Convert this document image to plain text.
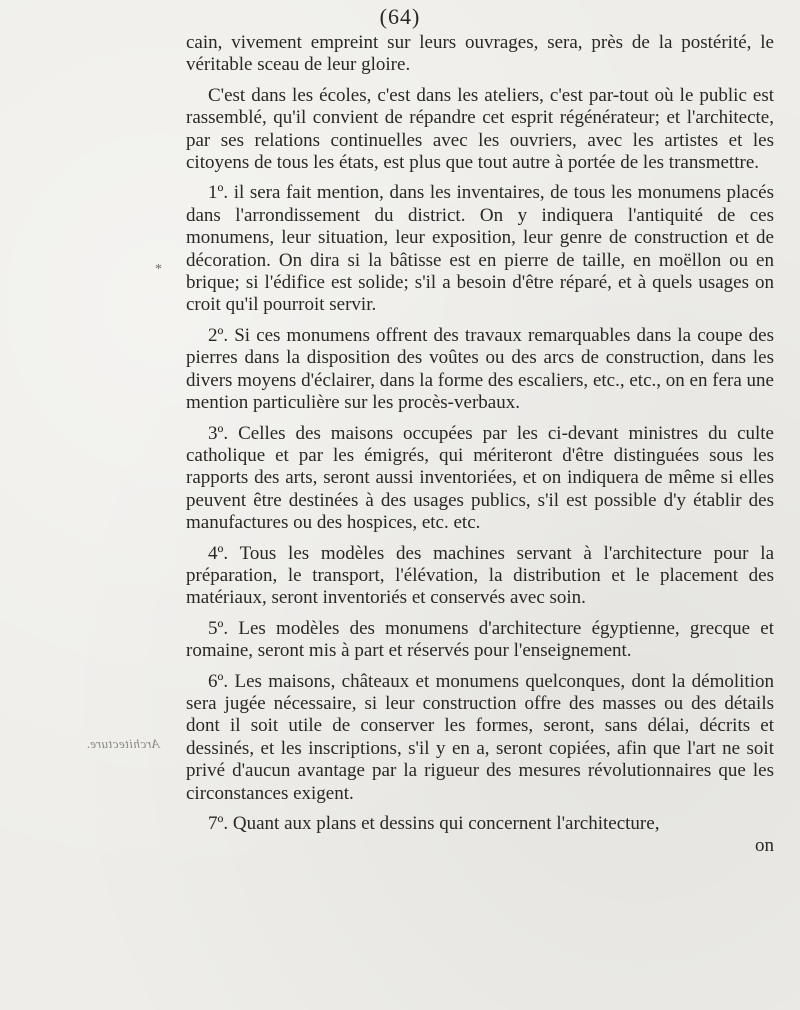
(64)
*
Architecture.

cain, vivement empreint sur leurs ouvrages, sera, près de la postérité, le véritable sceau de leur gloire.

C'est dans les écoles, c'est dans les ateliers, c'est par-tout où le public est rassemblé, qu'il convient de répandre cet esprit régénérateur; et l'architecte, par ses relations continuelles avec les ouvriers, avec les artistes et les citoyens de tous les états, est plus que tout autre à portée de les transmettre.

1º. il sera fait mention, dans les inventaires, de tous les monumens placés dans l'arrondissement du district. On y indiquera l'antiquité de ces monumens, leur situation, leur exposition, leur genre de construction et de décoration. On dira si la bâtisse est en pierre de taille, en moëllon ou en brique; si l'édifice est solide; s'il a besoin d'être réparé, et à quels usages on croit qu'il pourroit servir.

2º. Si ces monumens offrent des travaux remarquables dans la coupe des pierres dans la disposition des voûtes ou des arcs de construction, dans les divers moyens d'éclairer, dans la forme des escaliers, etc., etc., on en fera une mention particulière sur les procès-verbaux.

3º. Celles des maisons occupées par les ci-devant ministres du culte catholique et par les émigrés, qui mériteront d'être distinguées sous les rapports des arts, seront aussi inventoriées, et on indiquera de même si elles peuvent être destinées à des usages publics, s'il est possible d'y établir des manufactures ou des hospices, etc. etc.

4º. Tous les modèles des machines servant à l'architecture pour la préparation, le transport, l'élévation, la distribution et le placement des matériaux, seront inventoriés et conservés avec soin.

5º. Les modèles des monumens d'architecture égyptienne, grecque et romaine, seront mis à part et réservés pour l'enseignement.

6º. Les maisons, châteaux et monumens quelconques, dont la démolition sera jugée nécessaire, si leur construction offre des masses ou des détails dont il soit utile de conserver les formes, seront, sans délai, décrits et dessinés, et les inscriptions, s'il y en a, seront copiées, afin que l'art ne soit privé d'aucun avantage par la rigueur des mesures révolutionnaires que les circonstances exigent.

7º. Quant aux plans et dessins qui concernent l'architecture,

on
